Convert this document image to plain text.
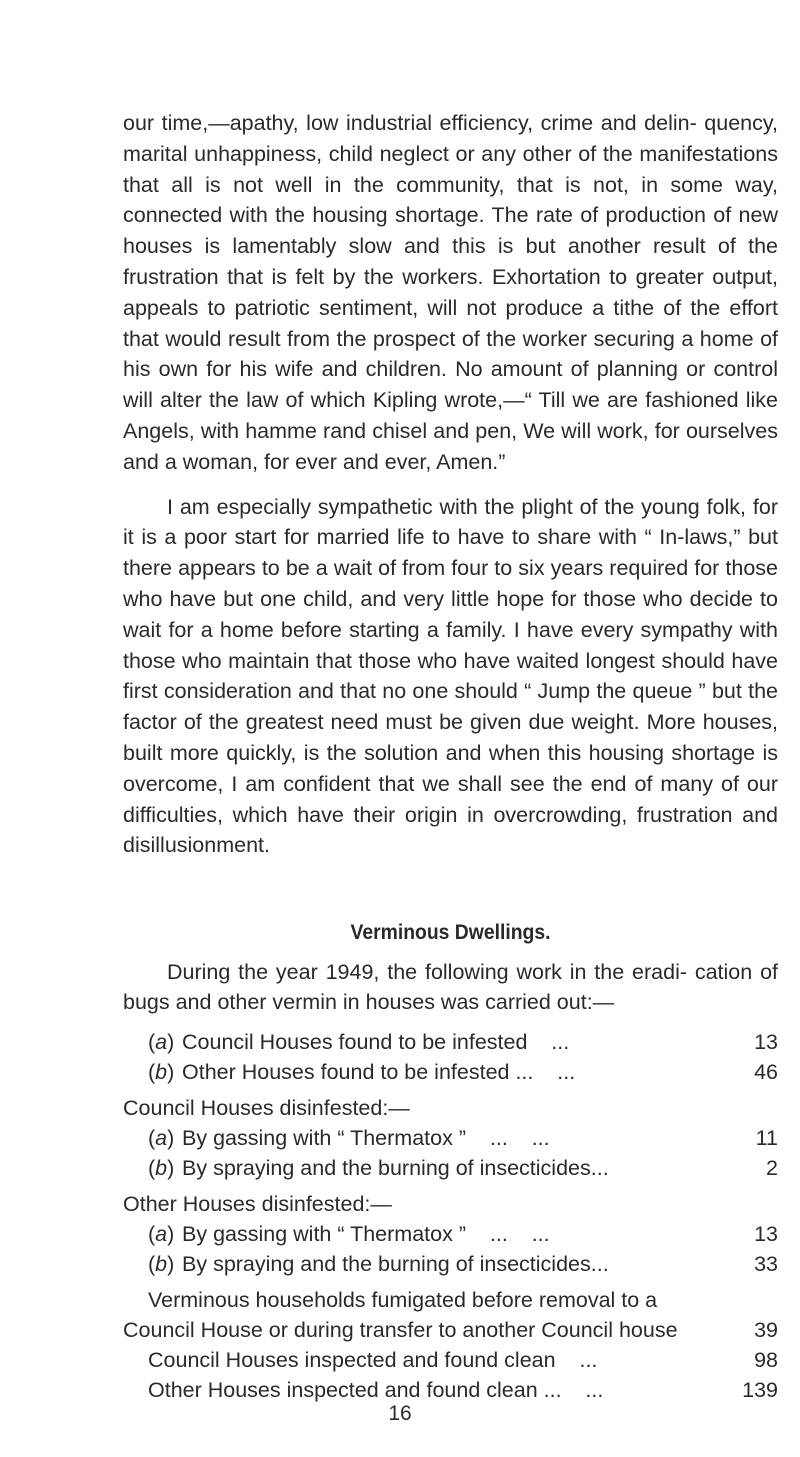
our time,—apathy, low industrial efficiency, crime and delin- quency, marital unhappiness, child neglect or any other of the manifestations that all is not well in the community, that is not, in some way, connected with the housing shortage. The rate of production of new houses is lamentably slow and this is but another result of the frustration that is felt by the workers. Exhortation to greater output, appeals to patriotic sentiment, will not produce a tithe of the effort that would result from the prospect of the worker securing a home of his own for his wife and children. No amount of planning or control will alter the law of which Kipling wrote,—“ Till we are fashioned like Angels, with hamme rand chisel and pen, We will work, for ourselves and a woman, for ever and ever, Amen.”

I am especially sympathetic with the plight of the young folk, for it is a poor start for married life to have to share with “ In-laws,” but there appears to be a wait of from four to six years required for those who have but one child, and very little hope for those who decide to wait for a home before starting a family. I have every sympathy with those who maintain that those who have waited longest should have first consideration and that no one should “ Jump the queue ” but the factor of the greatest need must be given due weight. More houses, built more quickly, is the solution and when this housing shortage is overcome, I am confident that we shall see the end of many of our difficulties, which have their origin in overcrowding, frustration and disillusionment.

Verminous Dwellings.

During the year 1949, the following work in the eradi- cation of bugs and other vermin in houses was carried out:—

(a) Council Houses found to be infested    ...	13
(b) Other Houses found to be infested ...    ...	46
Council Houses disinfested:—
(a) By gassing with “ Thermatox ”    ...    ...	11
(b) By spraying and the burning of insecticides...	2
Other Houses disinfested:—
(a) By gassing with “ Thermatox ”    ...    ...	13
(b) By spraying and the burning of insecticides...	33
Verminous households fumigated before removal to a
Council House or during transfer to another Council house	39
Council Houses inspected and found clean    ...	98
Other Houses inspected and found clean ...    ...	139
16
